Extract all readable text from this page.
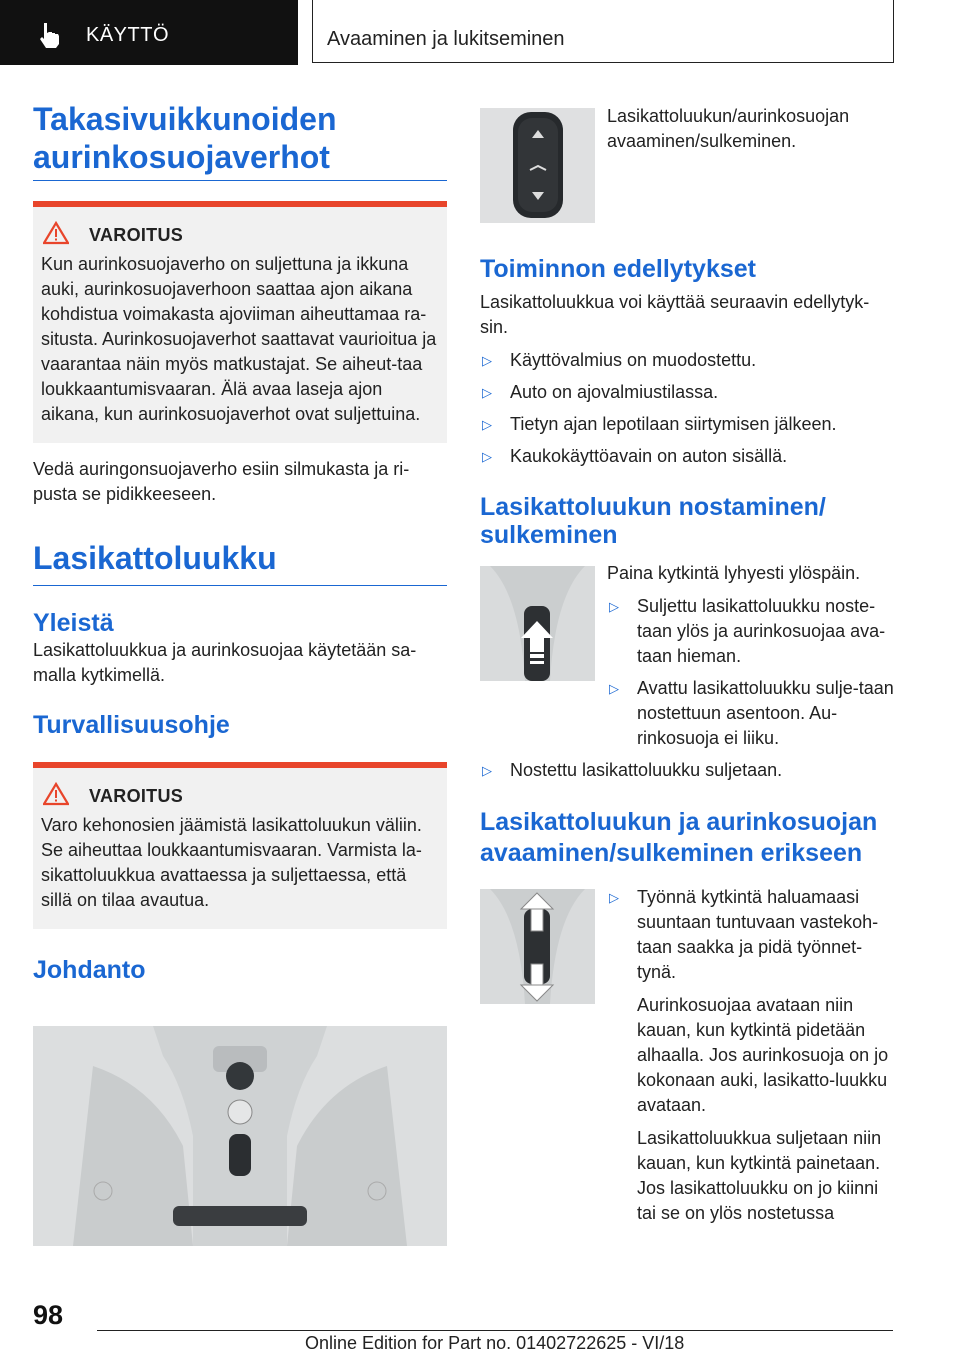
KÄYTTÖ	Avaaminen ja lukitseminen
Takasivuikkunoiden aurinkosuojaverhot
VAROITUS

Kun aurinkosuojaverho on suljettuna ja ikkuna auki, aurinkosuojaverhoon saattaa ajon aikana kohdistua voimakasta ajoviiman aiheuttamaa ra-situsta. Aurinkosuojaverhot saattavat vaurioitua ja vaarantaa näin myös matkustajat. Se aiheut-taa loukkaantumisvaaran. Älä avaa laseja ajon aikana, kun aurinkosuojaverhot ovat suljettuina.

Vedä auringonsuojaverho esiin silmukasta ja ri-pusta se pidikkeeseen.

Lasikattoluukku
Yleistä

Lasikattoluukkua ja aurinkosuojaa käytetään sa-malla kytkimellä.

Turvallisuusohje
VAROITUS

Varo kehonosien jäämistä lasikattoluukun väliin. Se aiheuttaa loukkaantumisvaaran. Varmista la-sikattoluukkua avattaessa ja suljettaessa, että sillä on tilaa avautua.

Johdanto

Lasikattoluukun/aurinkosuojan avaaminen/sulkeminen.

Toiminnon edellytykset

Lasikattoluukkua voi käyttää seuraavin edellytyk-sin.

▷ Käyttövalmius on muodostettu.

▷ Auto on ajovalmiustilassa.

▷ Tietyn ajan lepotilaan siirtymisen jälkeen.

▷ Kaukokäyttöavain on auton sisällä.

Lasikattoluukun nostaminen/ sulkeminen

Paina kytkintä lyhyesti ylöspäin.

▷ Suljettu lasikattoluukku noste-taan ylös ja aurinkosuojaa ava-taan hieman.

▷ Avattu lasikattoluukku sulje-taan nostettuun asentoon. Au-rinkosuoja ei liiku.

▷ Nostettu lasikattoluukku suljetaan.

Lasikattoluukun ja aurinkosuojan avaaminen/sulkeminen erikseen

▷ Työnnä kytkintä haluamaasi suuntaan tuntuvaan vastekoh-taan saakka ja pidä työnnet-tynä.

Aurinkosuojaa avataan niin kauan, kun kytkintä pidetään alhaalla. Jos aurinkosuoja on jo kokonaan auki, lasikatto-luukku avataan.

Lasikattoluukkua suljetaan niin kauan, kun kytkintä painetaan. Jos lasikattoluukku on jo kiinni tai se on ylös nostetussa

98
Online Edition for Part no. 01402722625 - VI/18
